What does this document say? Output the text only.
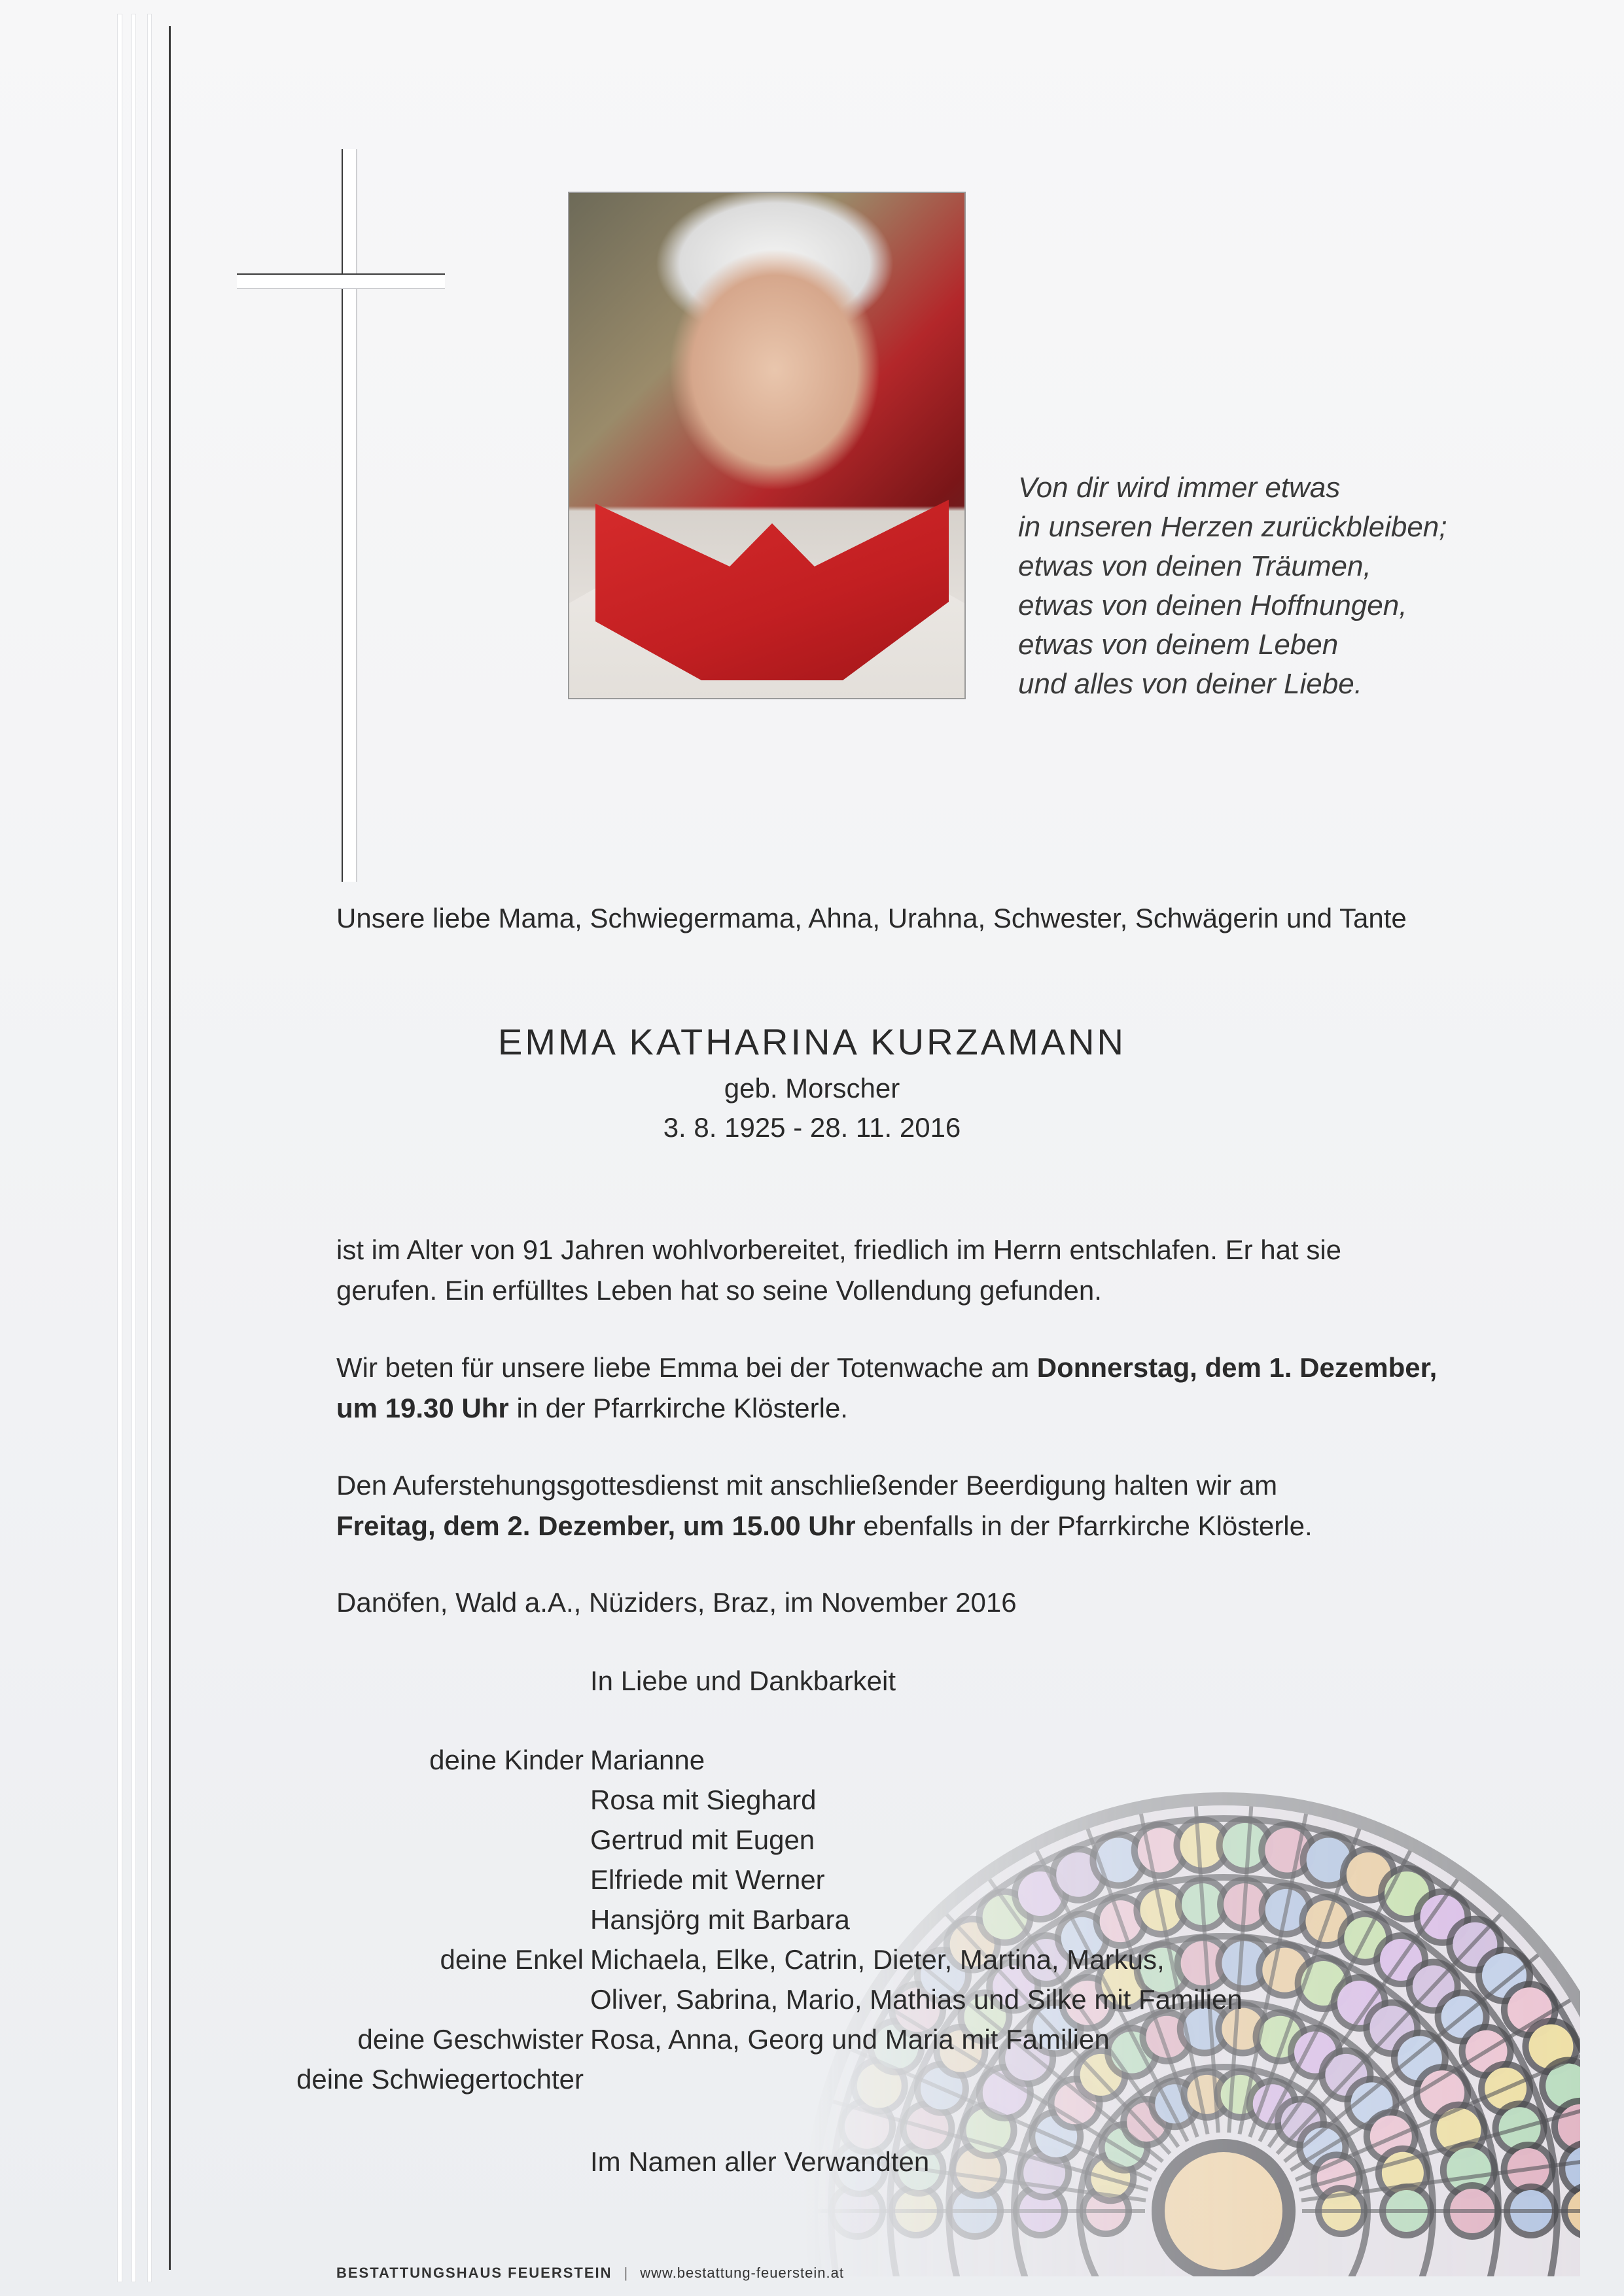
Von dir wird immer etwas
in unseren Herzen zurückbleiben;
etwas von deinen Träumen,
etwas von deinen Hoffnungen,
etwas von deinem Leben
und alles von deiner Liebe.
Unsere liebe Mama, Schwiegermama, Ahna, Urahna, Schwester, Schwägerin und Tante
EMMA KATHARINA KURZAMANN
geb. Morscher
3. 8. 1925 - 28. 11. 2016
ist im Alter von 91 Jahren wohlvorbereitet, friedlich im Herrn entschlafen. Er hat sie
gerufen. Ein erfülltes Leben hat so seine Vollendung gefunden.
Wir beten für unsere liebe Emma bei der Totenwache am Donnerstag, dem 1. Dezember,
um 19.30 Uhr in der Pfarrkirche Klösterle.
Den Auferstehungsgottesdienst mit anschließender Beerdigung halten wir am
Freitag, dem 2. Dezember, um 15.00 Uhr ebenfalls in der Pfarrkirche Klösterle.
Danöfen, Wald a.A., Nüziders, Braz, im November 2016
In Liebe und Dankbarkeit
deine Kinder Marianne
Rosa mit Sieghard
Gertrud mit Eugen
Elfriede mit Werner
Hansjörg mit Barbara
deine Enkel Michaela, Elke, Catrin, Dieter, Martina, Markus,
Oliver, Sabrina, Mario, Mathias und Silke mit Familien
deine Geschwister Rosa, Anna, Georg und Maria mit Familien
deine Schwiegertochter
Im Namen aller Verwandten
BESTATTUNGSHAUS FEUERSTEIN | www.bestattung-feuerstein.at
